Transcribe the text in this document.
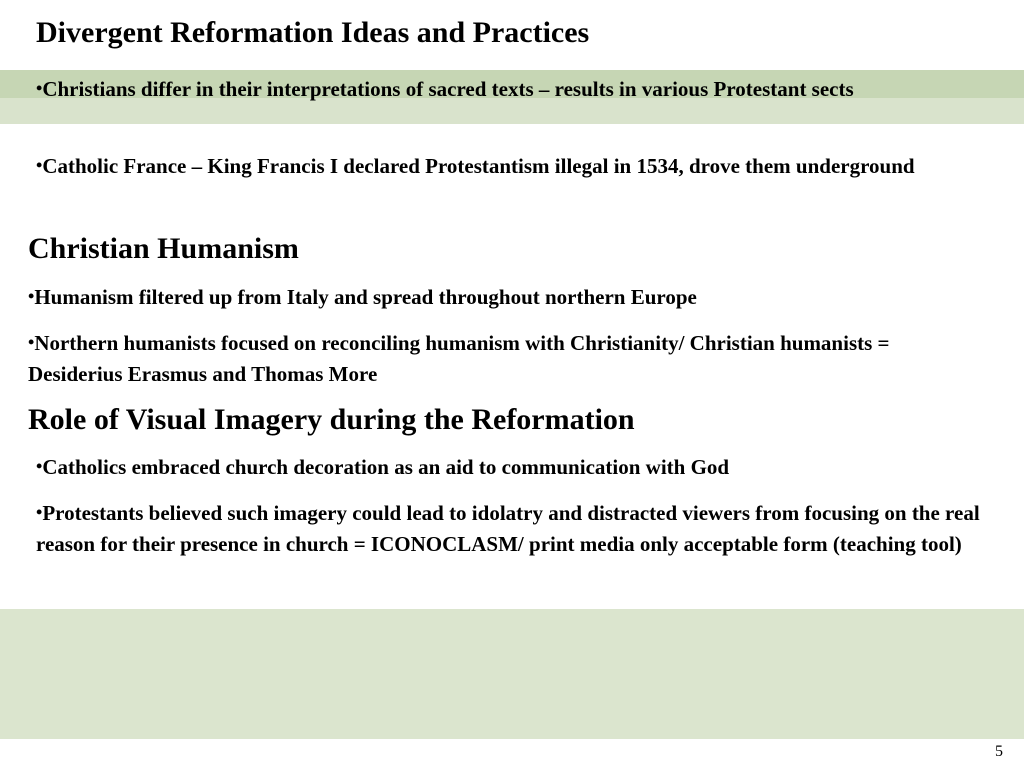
Divergent Reformation Ideas and Practices

•Christians differ in their interpretations of sacred texts – results in various Protestant sects

•Catholic France – King Francis I declared Protestantism illegal in 1534, drove them underground

Christian Humanism

•Humanism filtered up from Italy and spread throughout northern Europe

•Northern humanists focused on reconciling humanism with Christianity/ Christian humanists = Desiderius Erasmus and Thomas More

Role of Visual Imagery during the Reformation

•Catholics embraced church decoration as an aid to communication with God

•Protestants believed such imagery could lead to idolatry and distracted viewers from focusing on the real reason for their presence in church = ICONOCLASM/ print media only acceptable form (teaching tool)

5
